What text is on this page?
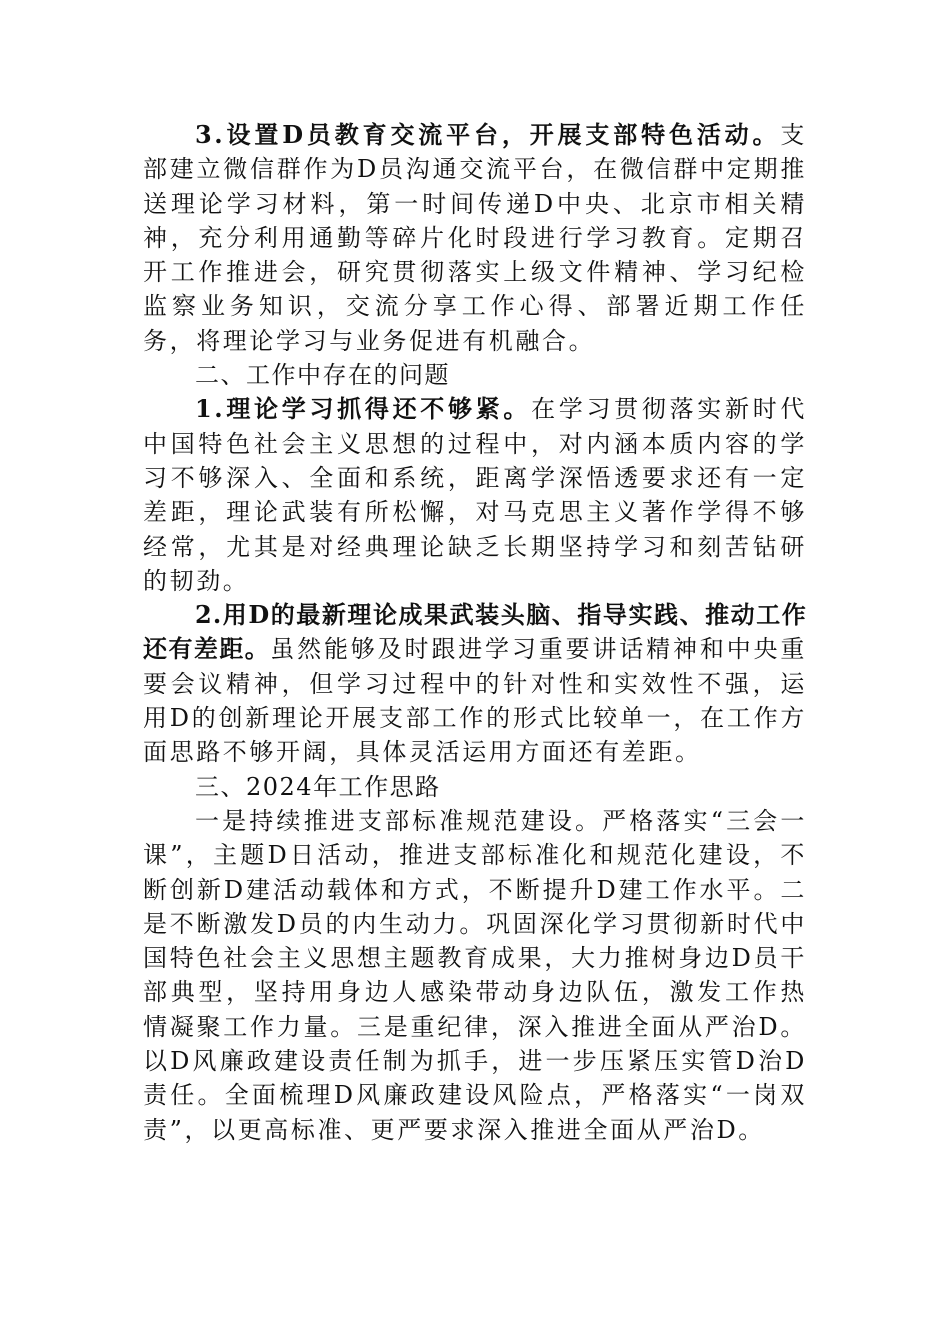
3.设置D员教育交流平台，开展支部特色活动。支部建立微信群作为D员沟通交流平台，在微信群中定期推送理论学习材料，第一时间传递D中央、北京市相关精神，充分利用通勤等碎片化时段进行学习教育。定期召开工作推进会，研究贯彻落实上级文件精神、学习纪检监察业务知识，交流分享工作心得、部署近期工作任务，将理论学习与业务促进有机融合。

二、工作中存在的问题

1.理论学习抓得还不够紧。在学习贯彻落实新时代中国特色社会主义思想的过程中，对内涵本质内容的学习不够深入、全面和系统，距离学深悟透要求还有一定差距，理论武装有所松懈，对马克思主义著作学得不够经常，尤其是对经典理论缺乏长期坚持学习和刻苦钻研的韧劲。

2.用D的最新理论成果武装头脑、指导实践、推动工作还有差距。虽然能够及时跟进学习重要讲话精神和中央重要会议精神，但学习过程中的针对性和实效性不强，运用D的创新理论开展支部工作的形式比较单一，在工作方面思路不够开阔，具体灵活运用方面还有差距。

三、2024年工作思路

一是持续推进支部标准规范建设。严格落实“三会一课”，主题D日活动，推进支部标准化和规范化建设，不断创新D建活动载体和方式，不断提升D建工作水平。二是不断激发D员的内生动力。巩固深化学习贯彻新时代中国特色社会主义思想主题教育成果，大力推树身边D员干部典型，坚持用身边人感染带动身边队伍，激发工作热情凝聚工作力量。三是重纪律，深入推进全面从严治D。以D风廉政建设责任制为抓手，进一步压紧压实管D治D责任。全面梳理D风廉政建设风险点，严格落实“一岗双责”，以更高标准、更严要求深入推进全面从严治D。
